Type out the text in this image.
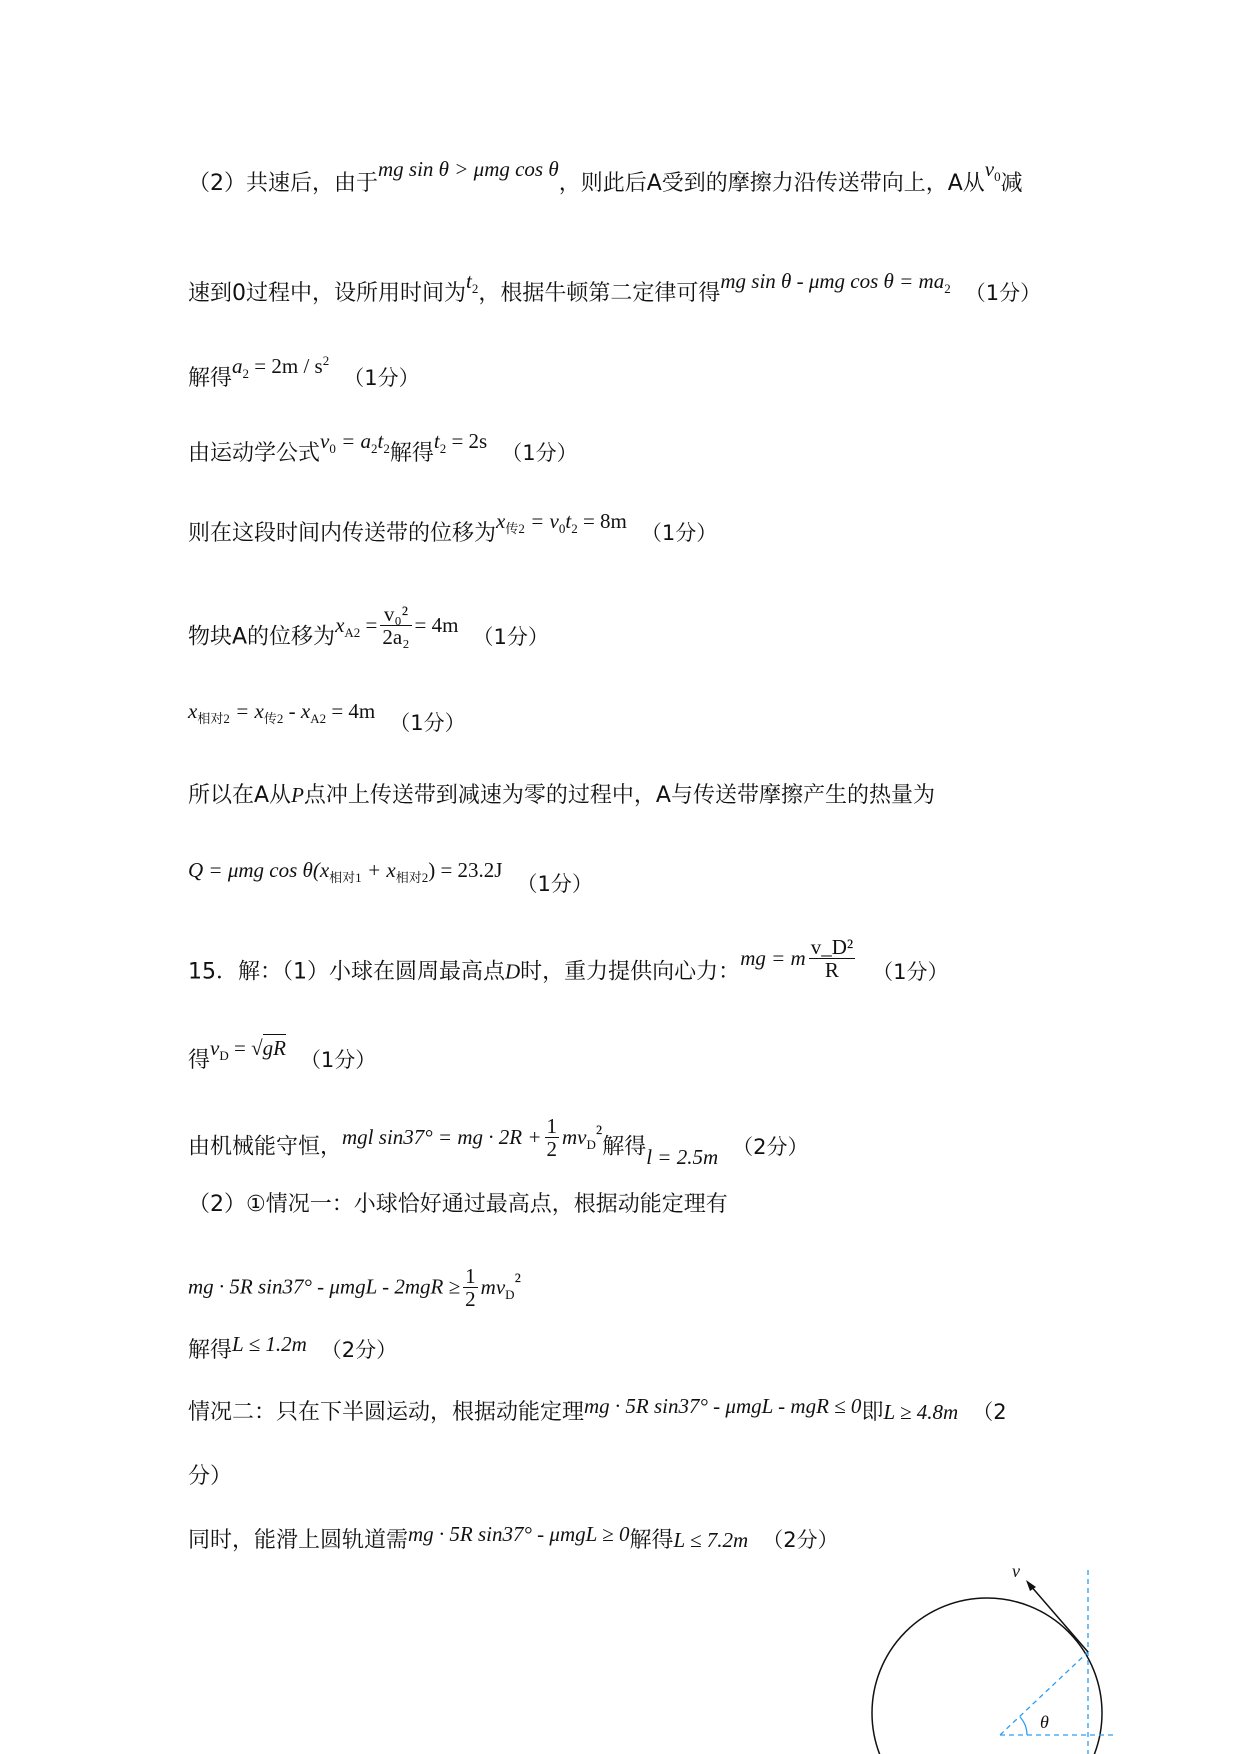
（2）共速后，由于mg sin θ > μmg cos θ，则此后A受到的摩擦力沿传送带向上，A从$v_0$减
速到0过程中，设所用时间为$t_2$，根据牛顿第二定律可得mg sin θ - μmg $\cos \theta = ma_2$ （1分）
解得$a_2 = 2m / s^2(1$分）
由运动学公式$v_0 = a_2t_2$解得$t_2 = 2s$ （1分）
则在这段时间内传送带的位移为$x_{传2} = v_0t_2 = 8m$ （1分）
物块A的位移为$x_{A2} = \frac{\text{v₀²}}{\text{2a₂}} = 4m$ （1分）
$x_{相对2} = x_{传2} - x_{A2} = 4m$ （1分）
所以在A从P点冲上传送带到减速为零的过程中，A与传送带摩擦产生的热量为
Q = μmg $\cos \theta(x_{相对1} + x_{相对2}) = 23.2J(1$分）
15．解：（1）小球在圆周最高点D时，重力提供向心力：mg = m $\frac{\text{v\_D²}}{R} (1$分）
得$v_D = √gR$ （1分）
由机械能守恒，mgl sin37° = mg · $2R + \frac{1}{2} mv_D^2$解得l = 2.5m （2分）
（2）①情况一：小球恰好通过最高点，根据动能定理有
mg · 5R $\sin 37^\circ - \mu mgL - 2mgR \ge \frac{1}{2} mv_D^2$
解得L ≤ 1.2m （2分）
情况二：只在下半圆运动，根据动能定理mg · 5R sin37° - μmgL - mgR ≤ 0即L ≥ 4.8m （2
分）
同时，能滑上圆轨道需mg · 5R sin37° - μmgL ≥ 0解得L ≤ 7.2m （2分）
v
θ
